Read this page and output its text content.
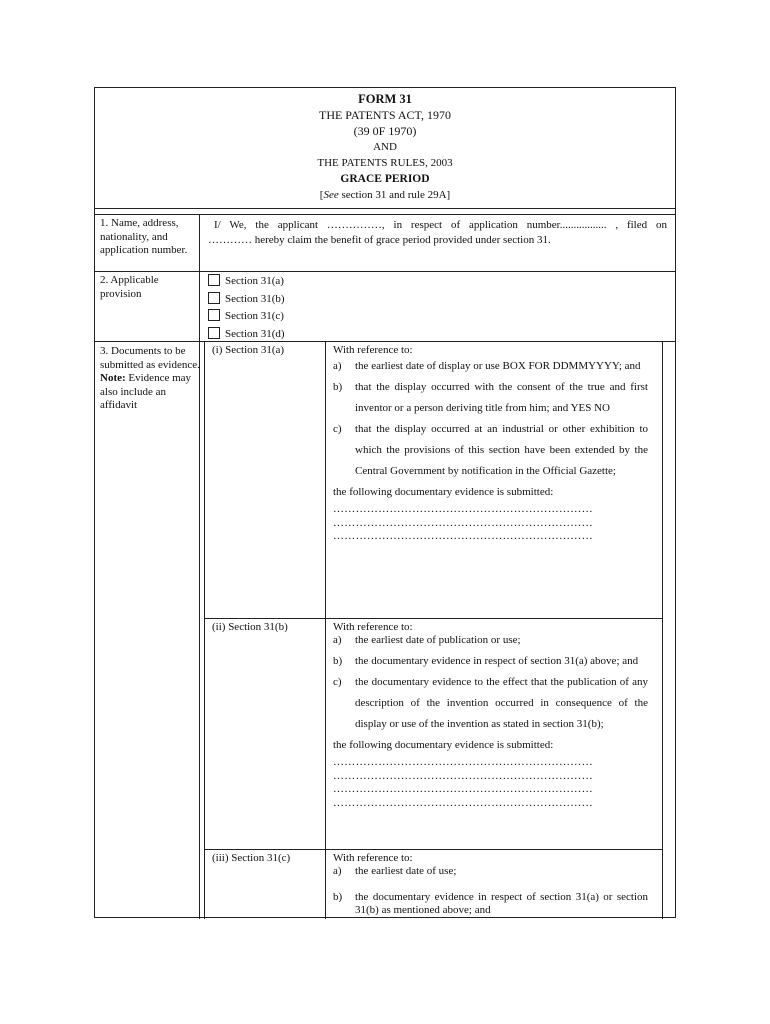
FORM 31
THE PATENTS ACT, 1970
(39 0F 1970)
AND
THE PATENTS RULES, 2003
GRACE PERIOD
[See section 31 and rule 29A]
1. Name, address, nationality, and application number.
I/ We, the applicant ……………, in respect of application number................. , filed on
………… hereby claim the benefit of grace period provided under section 31.
2. Applicable provision
Section 31(a)
Section 31(b)
Section 31(c)
Section 31(d)
3. Documents to be submitted as evidence.
Note: Evidence may also include an affidavit
(i) Section 31(a)	With reference to:

a)	the earliest date of display or use BOX FOR DDMMYYYY; and
b)	that the display occurred with the consent of the true and first inventor or a person deriving title from him; and YES NO
c)	that the display occurred at an industrial or other exhibition to which the provisions of this section have been extended by the Central Government by notification in the Official Gazette;

the following documentary evidence is submitted:

……………………………………………………………
……………………………………………………………
……………………………………………………………
(ii) Section 31(b)	With reference to:

a)	the earliest date of publication or use;
b)	the documentary evidence in respect of section 31(a) above; and
c)	the documentary evidence to the effect that the publication of any description of the invention occurred in consequence of the display or use of the invention as stated in section 31(b);

the following documentary evidence is submitted:

……………………………………………………………
……………………………………………………………
……………………………………………………………
……………………………………………………………
(iii) Section 31(c)	With reference to:

a)	the earliest date of use;
b)	the documentary evidence in respect of section 31(a) or section 31(b) as mentioned above; and
